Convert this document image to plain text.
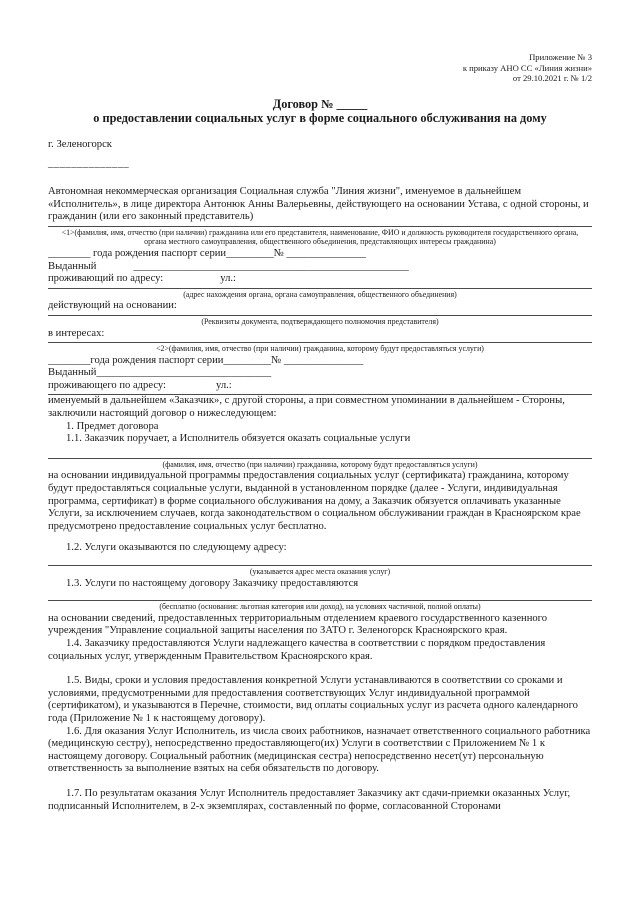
Приложение № 3
к приказу АНО СС «Линия жизни»
от 29.10.2021 г. № 1/2
Договор № _____
о предоставлении социальных услуг в форме социального обслуживания на дому
г. Зеленогорск
______________

Автономная некоммерческая организация Социальная служба "Линия жизни", именуемое в дальнейшем «Исполнитель», в лице директора Антонюк Анны Валерьевны, действующего на основании Устава, с одной стороны, и гражданин (или его законный представитель)

<1>(фамилия, имя, отчество (при наличии) гражданина или его представителя, наименование, ФИО и должность руководителя государственного органа, органа местного самоуправления, общественного объединения, представляющих интересы гражданина)
________ года рождения паспорт серии_________№ _______________
Выданный	____________________________________________________
проживающий по адресу:	ул.:
(адрес нахождения органа, органа самоуправления, общественного объединения)
действующий на основании:
(Реквизиты документа, подтверждающего полномочия представителя)
в интересах:
<2>(фамилия, имя, отчество (при наличии) гражданина, которому будут предоставляться услуги)
________года рождения паспорт серии_________№ _______________
Выданный_________________________________
проживающего по адресу:	ул.:

именуемый в дальнейшем «Заказчик», с другой стороны, а при совместном упоминании в дальнейшем - Стороны, заключили настоящий договор о нижеследующем:

1. Предмет договора

1.1. Заказчик поручает, а Исполнитель обязуется оказать социальные услуги

(фамилия, имя, отчество (при наличии) гражданина, которому будут предоставляться услуги)

на основании индивидуальной программы предоставления социальных услуг (сертификата) гражданина, которому будут предоставляться социальные услуги, выданной в установленном порядке (далее - Услуги, индивидуальная программа, сертификат) в форме социального обслуживания на дому, а Заказчик обязуется оплачивать указанные Услуги, за исключением случаев, когда законодательством о социальном обслуживании граждан в Красноярском крае предусмотрено предоставление социальных услуг бесплатно.

1.2. Услуги оказываются по следующему адресу:

(указывается адрес места оказания услуг)

1.3. Услуги по настоящему договору Заказчику предоставляются

(бесплатно (основания: льготная категория или доход), на условиях частичной, полной оплаты)

на основании сведений, предоставленных территориальным отделением краевого государственного казенного учреждения "Управление социальной защиты населения по ЗАТО г. Зеленогорск Красноярского края.

1.4. Заказчику предоставляются Услуги надлежащего качества в соответствии с порядком предоставления социальных услуг, утвержденным Правительством Красноярского края.

1.5. Виды, сроки и условия предоставления конкретной Услуги устанавливаются в соответствии со сроками и условиями, предусмотренными для предоставления соответствующих Услуг индивидуальной программой (сертификатом), и указываются в Перечне, стоимости, вид оплаты социальных услуг из расчета одного календарного года (Приложение № 1 к настоящему договору).

1.6. Для оказания Услуг Исполнитель, из числа своих работников, назначает ответственного социального работника (медицинскую сестру), непосредственно предоставляющего(их) Услуги в соответствии с Приложением № 1 к настоящему договору. Социальный работник (медицинская сестра) непосредственно несет(ут) персональную ответственность за выполнение взятых на себя обязательств по договору.

1.7. По результатам оказания Услуг Исполнитель предоставляет Заказчику акт сдачи-приемки оказанных Услуг, подписанный Исполнителем, в 2-х экземплярах, составленный по форме, согласованной Сторонами
